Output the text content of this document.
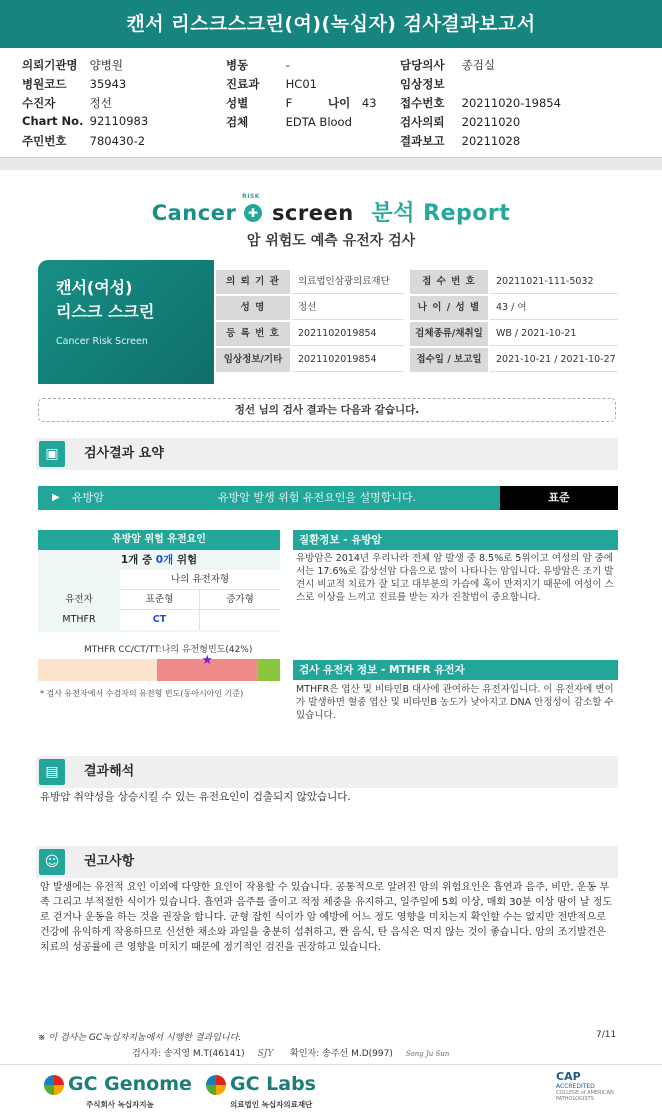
캔서 리스크스크린(여)(녹십자) 검사결과보고서
의뢰기관명 양병원
병원코드 35943
수진자	정선
Chart No. 92110983
주민번호 780430-2
병동	-
진료과 HC01
성별	F	나이 43
검체	EDTA Blood
담당의사 종검실
임상정보
접수번호 20211020-19854
검사의뢰 20211020
결과보고 20211028
Cancer ✚
RISK
screen 분석 Report
암 위험도 예측 유전자 검사
캔서(여성)
리스크 스크린
Cancer Risk Screen
의 뢰 기 관	의료법인삼광의료재단	접 수 번 호	20211021-111-5032
성 명	정선	나 이 / 성 별	43 / 여
등 록 번 호	2021102019854	검체종류/채취일	WB / 2021-10-21
임상정보/기타	2021102019854	접수일 / 보고일	2021-10-21 / 2021-10-27
정선 님의 검사 결과는 다음과 같습니다.
▣	검사결과 요약
▶ 유방암	유방암 발생 위험 유전요인을 설명합니다.	표준
유방암 위험 유전요인
1개 중 0개 위험
나의 유전자형
유전자	표준형	증가형
MTHFR	CT
MTHFR CC/CT/TT:나의 유전형빈도(42%)
★
* 검사 유전자에서 수검자의 유전형 빈도(동아시아인 기준)
질환정보 - 유방암
유방암은 2014년 우리나라 전체 암 발생 중 8.5%로 5위이고 여성의 암 중에서는 17.6%로 갑상선암 다음으로 많이 나타나는 암입니다. 유방암은 조기 발견시 비교적 치료가 잘 되고 대부분의 가슴에 혹이 만져지기 때문에 여성이 스스로 이상을 느끼고 진료를 받는 자가 진찰법이 중요합니다.
검사 유전자 정보 - MTHFR 유전자
MTHFR은 엽산 및 비타민B 대사에 관여하는 유전자입니다. 이 유전자에 변이가 발생하면 혈중 엽산 및 비타민B 농도가 낮아지고 DNA 안정성이 감소할 수 있습니다.
▤	결과해석
유방암 취약성을 상승시킬 수 있는 유전요인이 검출되지 않았습니다.
☺	권고사항
암 발생에는 유전적 요인 이외에 다양한 요인이 작용할 수 있습니다. 공통적으로 알려진 암의 위험요인은 흡연과 음주, 비만, 운동 부족 그리고 부적절한 식이가 있습니다. 흡연과 음주를 줄이고 적정 체중을 유지하고, 일주일에 5회 이상, 매회 30분 이상 땀이 날 정도로 걷거나 운동을 하는 것을 권장을 합니다. 균형 잡힌 식이가 암 예방에 어느 정도 영향을 미치는지 확인할 수는 없지만 전반적으로 건강에 유익하게 작용하므로 신선한 채소와 과일을 충분히 섭취하고, 짠 음식, 탄 음식은 먹지 않는 것이 좋습니다. 암의 조기발견은 치료의 성공률에 큰 영향을 미치기 때문에 정기적인 검진을 권장하고 있습니다.
※ 이 검사는 GC녹십자지놈에서 시행한 결과입니다.	7/11
검사자: 송지영 M.T(46141) SJY 확인자: 송주선 M.D(997) Song Ju Sun
GC Genome
주식회사 녹십자지놈
GC Labs
의료법인 녹십자의료재단
CAP
ACCREDITED
COLLEGE of AMERICAN PATHOLOGISTS
